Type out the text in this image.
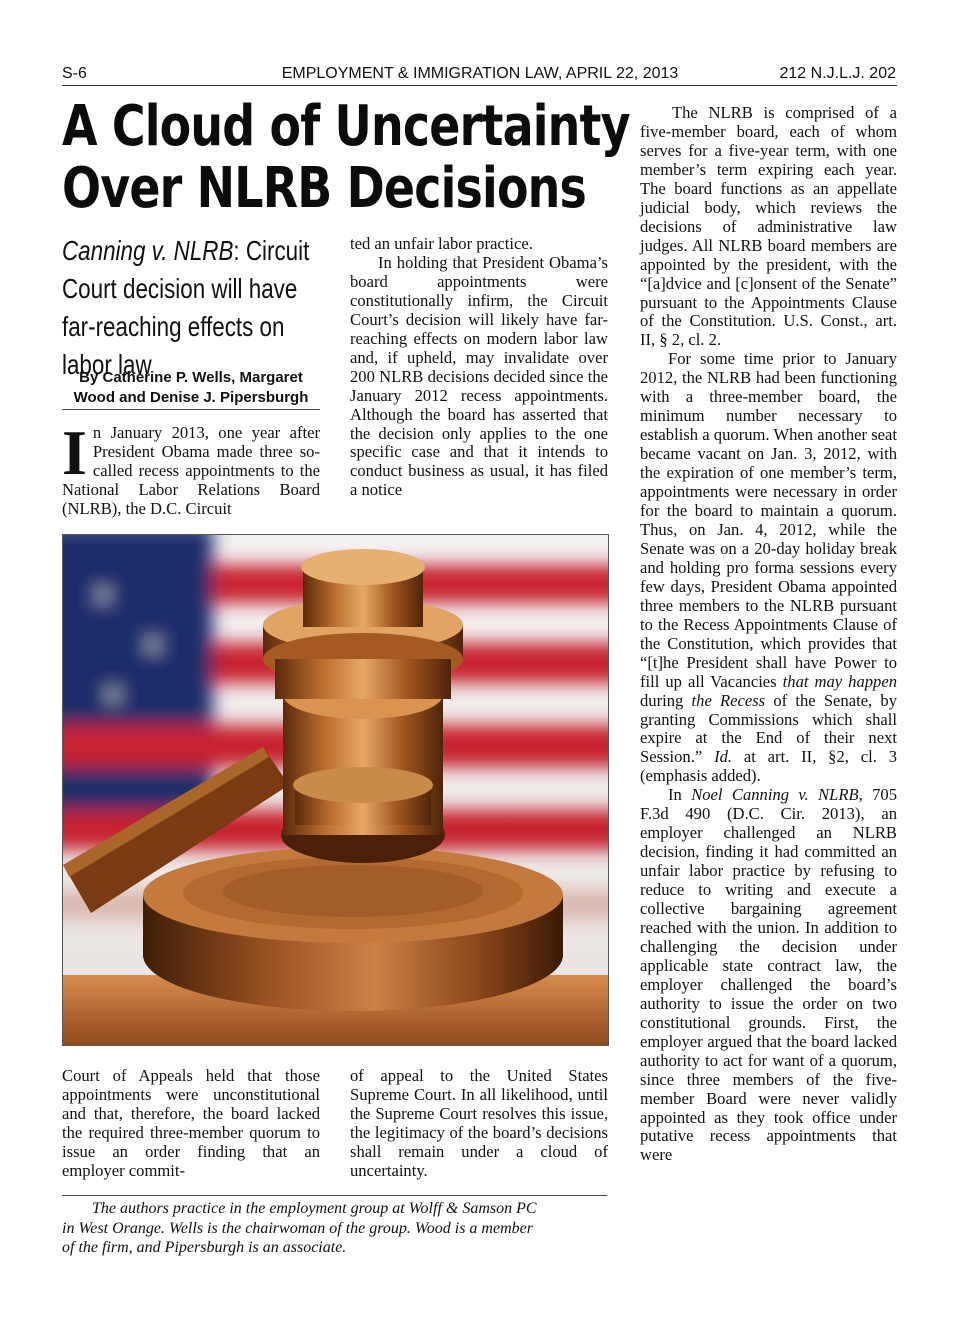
S-6	EMPLOYMENT & IMMIGRATION LAW, APRIL 22, 2013	212 N.J.L.J. 202
A Cloud of Uncertainty
Over NLRB Decisions
Canning v. NLRB: Circuit Court decision will have far-reaching effects on labor law
By Catherine P. Wells, Margaret Wood and Denise J. Pipersburgh

In January 2013, one year after President Obama made three so-called recess appointments to the National Labor Relations Board (NLRB), the D.C. Circuit

ted an unfair labor practice.

In holding that President Obama’s board appointments were constitutionally infirm, the Circuit Court’s decision will likely have far-reaching effects on modern labor law and, if upheld, may invalidate over 200 NLRB decisions decided since the January 2012 recess appointments. Although the board has asserted that the decision only applies to the one specific case and that it intends to conduct business as usual, it has filed a notice

Court of Appeals held that those appointments were unconstitutional and that, therefore, the board lacked the required three-member quorum to issue an order finding that an employer commit-

of appeal to the United States Supreme Court. In all likelihood, until the Supreme Court resolves this issue, the legitimacy of the board’s decisions shall remain under a cloud of uncertainty.

The authors practice in the employment group at Wolff & Samson PC
in West Orange. Wells is the chairwoman of the group. Wood is a member
of the firm, and Pipersburgh is an associate.

The NLRB is comprised of a five-member board, each of whom serves for a five-year term, with one member’s term expiring each year. The board functions as an appellate judicial body, which reviews the decisions of administrative law judges. All NLRB board members are appointed by the president, with the “[a]dvice and [c]onsent of the Senate” pursuant to the Appointments Clause of the Constitution. U.S. Const., art. II, § 2, cl. 2.

For some time prior to January 2012, the NLRB had been functioning with a three-member board, the minimum number necessary to establish a quorum. When another seat became vacant on Jan. 3, 2012, with the expiration of one member’s term, appointments were necessary in order for the board to maintain a quorum. Thus, on Jan. 4, 2012, while the Senate was on a 20-day holiday break and holding pro forma sessions every few days, President Obama appointed three members to the NLRB pursuant to the Recess Appointments Clause of the Constitution, which provides that “[t]he President shall have Power to fill up all Vacancies that may happen during the Recess of the Senate, by granting Commissions which shall expire at the End of their next Session.” Id. at art. II, §2, cl. 3 (emphasis added).

In Noel Canning v. NLRB, 705 F.3d 490 (D.C. Cir. 2013), an employer challenged an NLRB decision, finding it had committed an unfair labor practice by refusing to reduce to writing and execute a collective bargaining agreement reached with the union. In addition to challenging the decision under applicable state contract law, the employer challenged the board’s authority to issue the order on two constitutional grounds. First, the employer argued that the board lacked authority to act for want of a quorum, since three members of the five-member Board were never validly appointed as they took office under putative recess appointments that were
